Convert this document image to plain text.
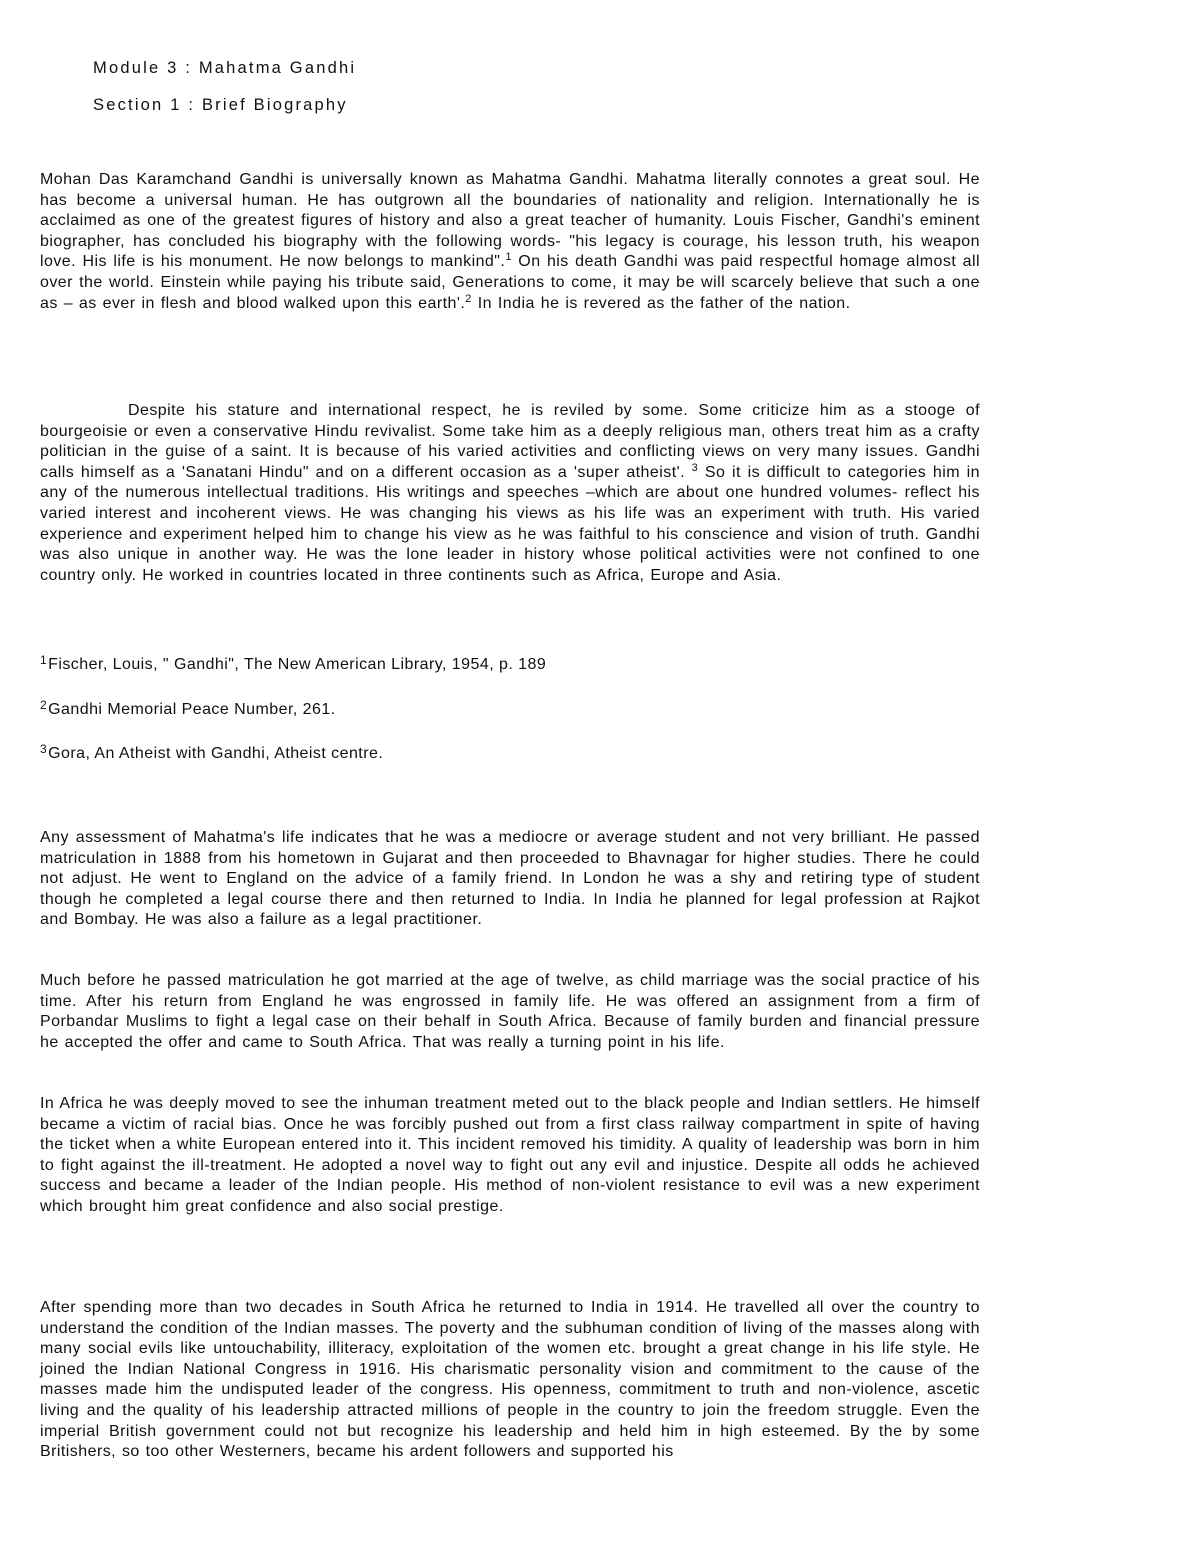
Module 3 : Mahatma Gandhi
Section 1 : Brief Biography

Mohan Das Karamchand Gandhi is universally known as Mahatma Gandhi. Mahatma literally connotes a great soul. He has become a universal human. He has outgrown all the boundaries of nationality and religion. Internationally he is acclaimed as one of the greatest figures of history and also a great teacher of humanity. Louis Fischer, Gandhi's eminent biographer, has concluded his biography with the following words- "his legacy is courage, his lesson truth, his weapon love. His life is his monument. He now belongs to mankind".$^1$ On his death Gandhi was paid respectful homage almost all over the world. Einstein while paying his tribute said, Generations to come, it may be will scarcely believe that such a one as – as ever in flesh and blood walked upon this earth'.$^2$ In India he is revered as the father of the nation.

Despite his stature and international respect, he is reviled by some. Some criticize him as a stooge of bourgeoisie or even a conservative Hindu revivalist. Some take him as a deeply religious man, others treat him as a crafty politician in the guise of a saint. It is because of his varied activities and conflicting views on very many issues. Gandhi calls himself as a 'Sanatani Hindu" and on a different occasion as a 'super atheist'. $^3$ So it is difficult to categories him in any of the numerous intellectual traditions. His writings and speeches –which are about one hundred volumes- reflect his varied interest and incoherent views. He was changing his views as his life was an experiment with truth. His varied experience and experiment helped him to change his view as he was faithful to his conscience and vision of truth. Gandhi was also unique in another way. He was the lone leader in history whose political activities were not confined to one country only. He worked in countries located in three continents such as Africa, Europe and Asia.

$^1$Fischer, Louis, " Gandhi", The New American Library, 1954, p. 189
$^2$Gandhi Memorial Peace Number, 261.
$^3$Gora, An Atheist with Gandhi, Atheist centre.

Any assessment of Mahatma's life indicates that he was a mediocre or average student and not very brilliant. He passed matriculation in 1888 from his hometown in Gujarat and then proceeded to Bhavnagar for higher studies. There he could not adjust. He went to England on the advice of a family friend. In London he was a shy and retiring type of student though he completed a legal course there and then returned to India. In India he planned for legal profession at Rajkot and Bombay. He was also a failure as a legal practitioner.

Much before he passed matriculation he got married at the age of twelve, as child marriage was the social practice of his time. After his return from England he was engrossed in family life. He was offered an assignment from a firm of Porbandar Muslims to fight a legal case on their behalf in South Africa. Because of family burden and financial pressure he accepted the offer and came to South Africa. That was really a turning point in his life.

In Africa he was deeply moved to see the inhuman treatment meted out to the black people and Indian settlers. He himself became a victim of racial bias. Once he was forcibly pushed out from a first class railway compartment in spite of having the ticket when a white European entered into it. This incident removed his timidity. A quality of leadership was born in him to fight against the ill-treatment. He adopted a novel way to fight out any evil and injustice. Despite all odds he achieved success and became a leader of the Indian people. His method of non-violent resistance to evil was a new experiment which brought him great confidence and also social prestige.

After spending more than two decades in South Africa he returned to India in 1914. He travelled all over the country to understand the condition of the Indian masses. The poverty and the subhuman condition of living of the masses along with many social evils like untouchability, illiteracy, exploitation of the women etc. brought a great change in his life style. He joined the Indian National Congress in 1916. His charismatic personality vision and commitment to the cause of the masses made him the undisputed leader of the congress. His openness, commitment to truth and non-violence, ascetic living and the quality of his leadership attracted millions of people in the country to join the freedom struggle. Even the imperial British government could not but recognize his leadership and held him in high esteemed. By the by some Britishers, so too other Westerners, became his ardent followers and supported his
